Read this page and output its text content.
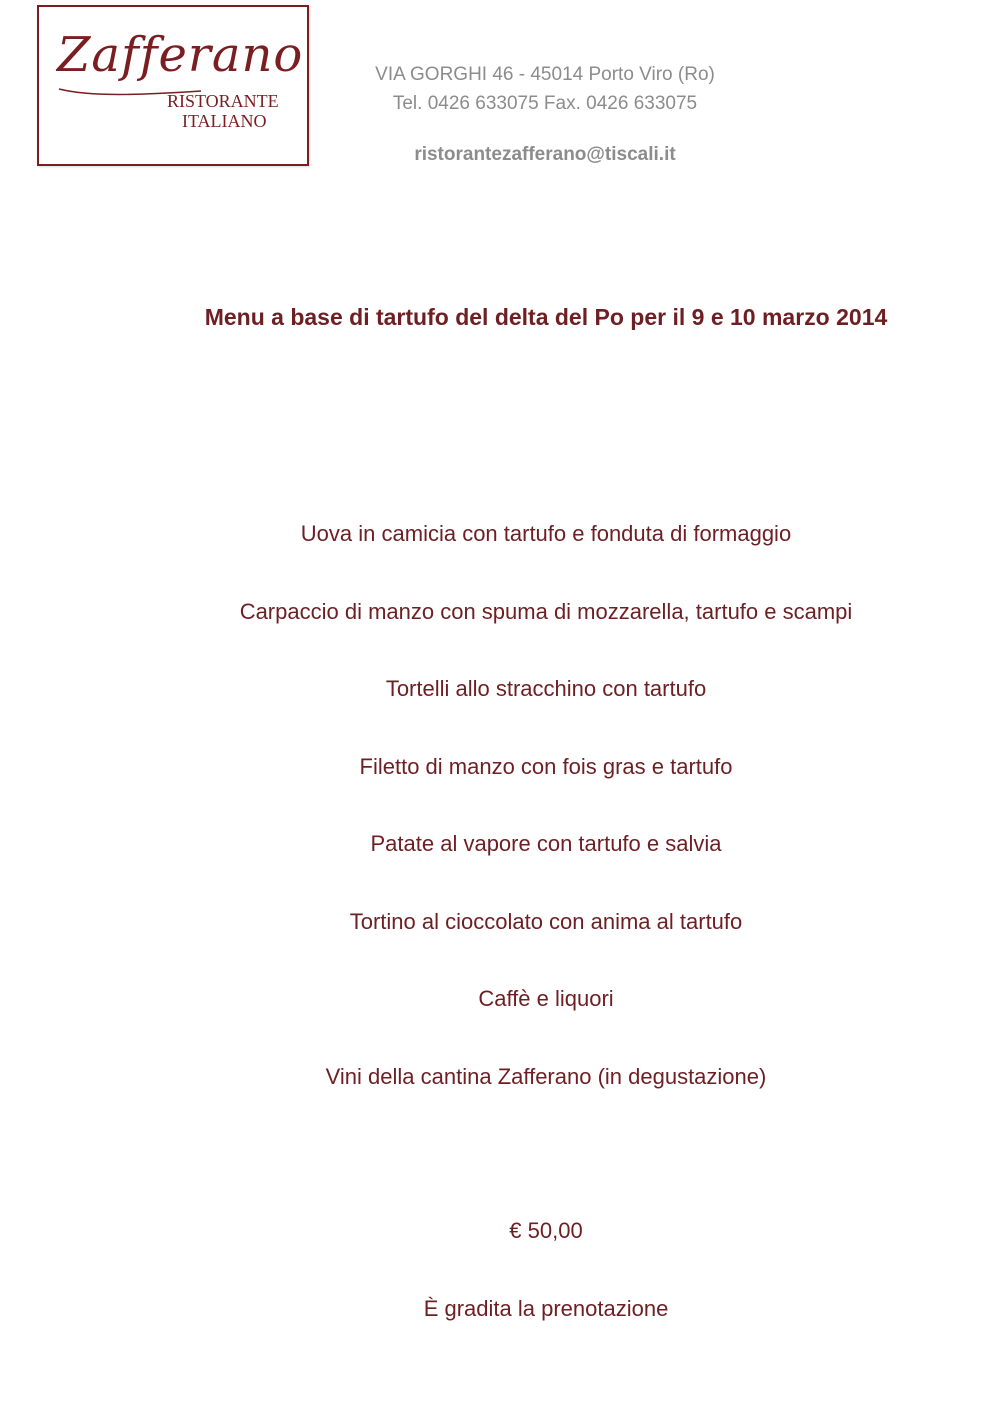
Zafferano
RISTORANTE
ITALIANO
VIA GORGHI 46 - 45014 Porto Viro (Ro)
Tel. 0426 633075 Fax. 0426 633075
ristorantezafferano@tiscali.it
Menu a base di tartufo del delta del Po per il 9 e 10 marzo 2014
Uova in camicia con tartufo e fonduta di formaggio
Carpaccio di manzo con spuma di mozzarella, tartufo e scampi
Tortelli allo stracchino con tartufo
Filetto di manzo con fois gras e tartufo
Patate al vapore con tartufo e salvia
Tortino al cioccolato con anima al tartufo
Caffè e liquori
Vini della cantina Zafferano (in degustazione)
€ 50,00
È gradita la prenotazione
